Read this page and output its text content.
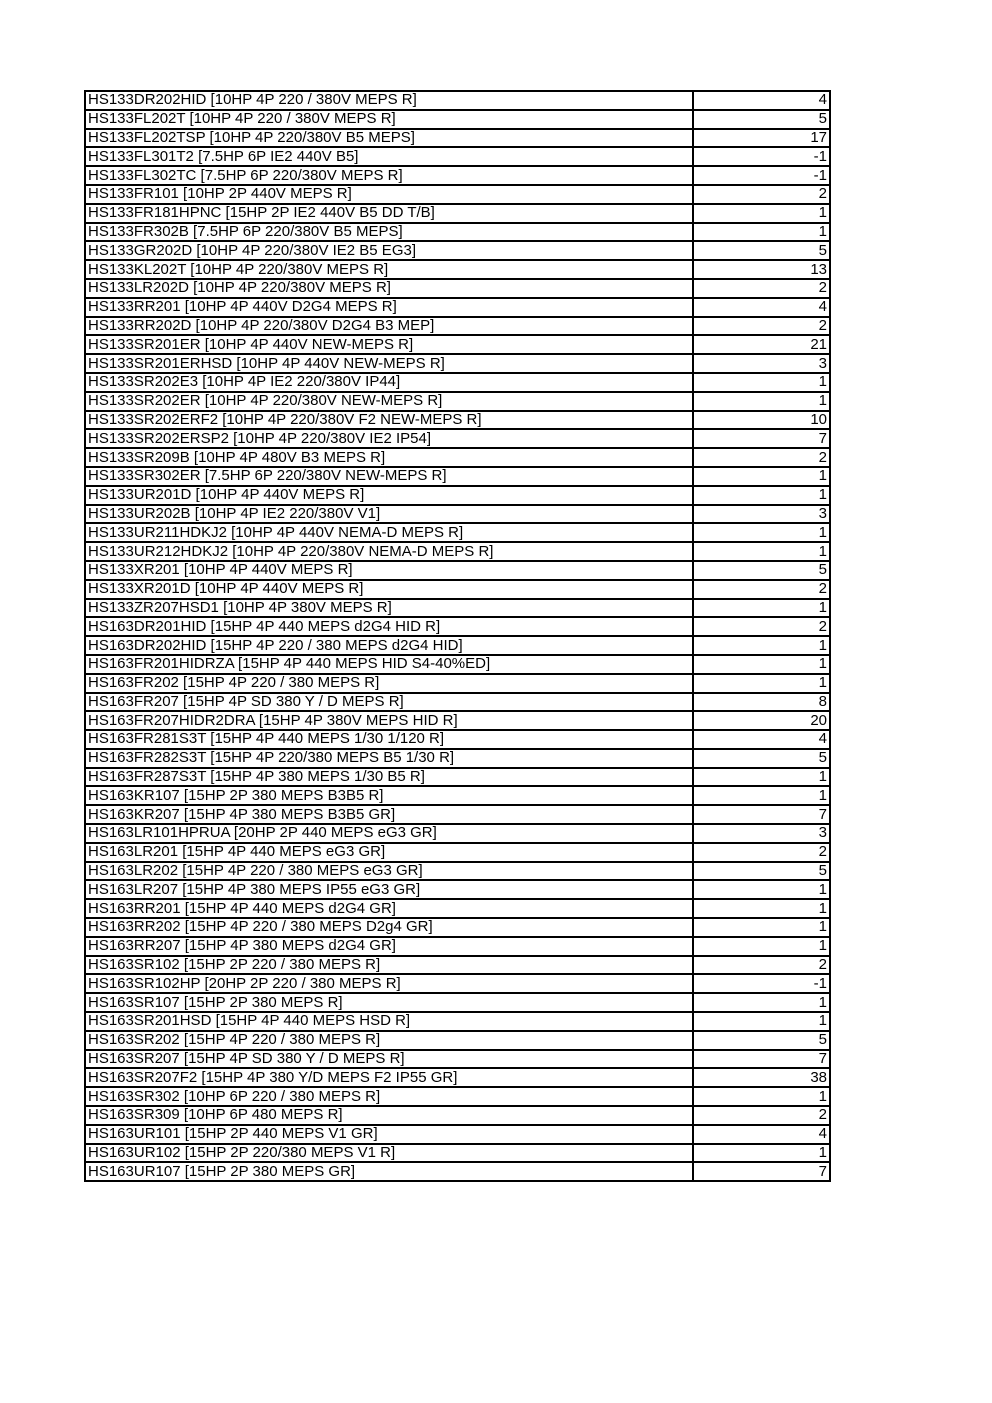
HS133DR202HID [10HP 4P 220 / 380V MEPS R]	4
HS133FL202T [10HP 4P 220 / 380V MEPS R]	5
HS133FL202TSP [10HP 4P 220/380V B5 MEPS]	17
HS133FL301T2 [7.5HP 6P IE2 440V B5]	-1
HS133FL302TC [7.5HP 6P 220/380V MEPS R]	-1
HS133FR101 [10HP 2P 440V MEPS R]	2
HS133FR181HPNC [15HP 2P IE2 440V B5 DD T/B]	1
HS133FR302B [7.5HP 6P 220/380V B5 MEPS]	1
HS133GR202D [10HP 4P 220/380V IE2 B5 EG3]	5
HS133KL202T [10HP 4P 220/380V MEPS R]	13
HS133LR202D [10HP 4P 220/380V MEPS R]	2
HS133RR201 [10HP 4P 440V D2G4 MEPS R]	4
HS133RR202D [10HP 4P 220/380V D2G4 B3 MEP]	2
HS133SR201ER [10HP 4P 440V NEW-MEPS R]	21
HS133SR201ERHSD [10HP 4P 440V NEW-MEPS R]	3
HS133SR202E3 [10HP 4P IE2 220/380V IP44]	1
HS133SR202ER [10HP 4P 220/380V NEW-MEPS R]	1
HS133SR202ERF2 [10HP 4P 220/380V F2 NEW-MEPS R]	10
HS133SR202ERSP2 [10HP 4P 220/380V IE2 IP54]	7
HS133SR209B [10HP 4P 480V B3 MEPS R]	2
HS133SR302ER [7.5HP 6P 220/380V NEW-MEPS R]	1
HS133UR201D [10HP 4P 440V MEPS R]	1
HS133UR202B [10HP 4P IE2 220/380V V1]	3
HS133UR211HDKJ2 [10HP 4P 440V NEMA-D MEPS R]	1
HS133UR212HDKJ2 [10HP 4P 220/380V NEMA-D MEPS R]	1
HS133XR201 [10HP 4P 440V MEPS R]	5
HS133XR201D [10HP 4P 440V MEPS R]	2
HS133ZR207HSD1 [10HP 4P 380V MEPS R]	1
HS163DR201HID [15HP 4P 440 MEPS d2G4 HID R]	2
HS163DR202HID [15HP 4P 220 / 380 MEPS d2G4 HID]	1
HS163FR201HIDRZA [15HP 4P 440 MEPS HID S4-40%ED]	1
HS163FR202 [15HP 4P 220 / 380 MEPS R]	1
HS163FR207 [15HP 4P SD 380 Y / D MEPS R]	8
HS163FR207HIDR2DRA [15HP 4P 380V MEPS HID R]	20
HS163FR281S3T [15HP 4P 440 MEPS 1/30 1/120 R]	4
HS163FR282S3T [15HP 4P 220/380 MEPS B5 1/30 R]	5
HS163FR287S3T [15HP 4P 380 MEPS 1/30 B5 R]	1
HS163KR107 [15HP 2P 380 MEPS B3B5 R]	1
HS163KR207 [15HP 4P 380 MEPS B3B5 GR]	7
HS163LR101HPRUA [20HP 2P 440 MEPS eG3 GR]	3
HS163LR201 [15HP 4P 440 MEPS eG3 GR]	2
HS163LR202 [15HP 4P 220 / 380 MEPS eG3 GR]	5
HS163LR207 [15HP 4P 380 MEPS IP55 eG3 GR]	1
HS163RR201 [15HP 4P 440 MEPS d2G4 GR]	1
HS163RR202 [15HP 4P 220 / 380 MEPS D2g4 GR]	1
HS163RR207 [15HP 4P 380 MEPS d2G4 GR]	1
HS163SR102 [15HP 2P 220 / 380 MEPS R]	2
HS163SR102HP [20HP 2P 220 / 380 MEPS R]	-1
HS163SR107 [15HP 2P 380 MEPS R]	1
HS163SR201HSD [15HP 4P 440 MEPS HSD R]	1
HS163SR202 [15HP 4P 220 / 380 MEPS R]	5
HS163SR207 [15HP 4P SD 380 Y / D MEPS R]	7
HS163SR207F2 [15HP 4P 380 Y/D MEPS F2 IP55 GR]	38
HS163SR302 [10HP 6P 220 / 380 MEPS R]	1
HS163SR309 [10HP 6P 480 MEPS R]	2
HS163UR101 [15HP 2P 440 MEPS V1 GR]	4
HS163UR102 [15HP 2P 220/380 MEPS V1 R]	1
HS163UR107 [15HP 2P 380 MEPS GR]	7
